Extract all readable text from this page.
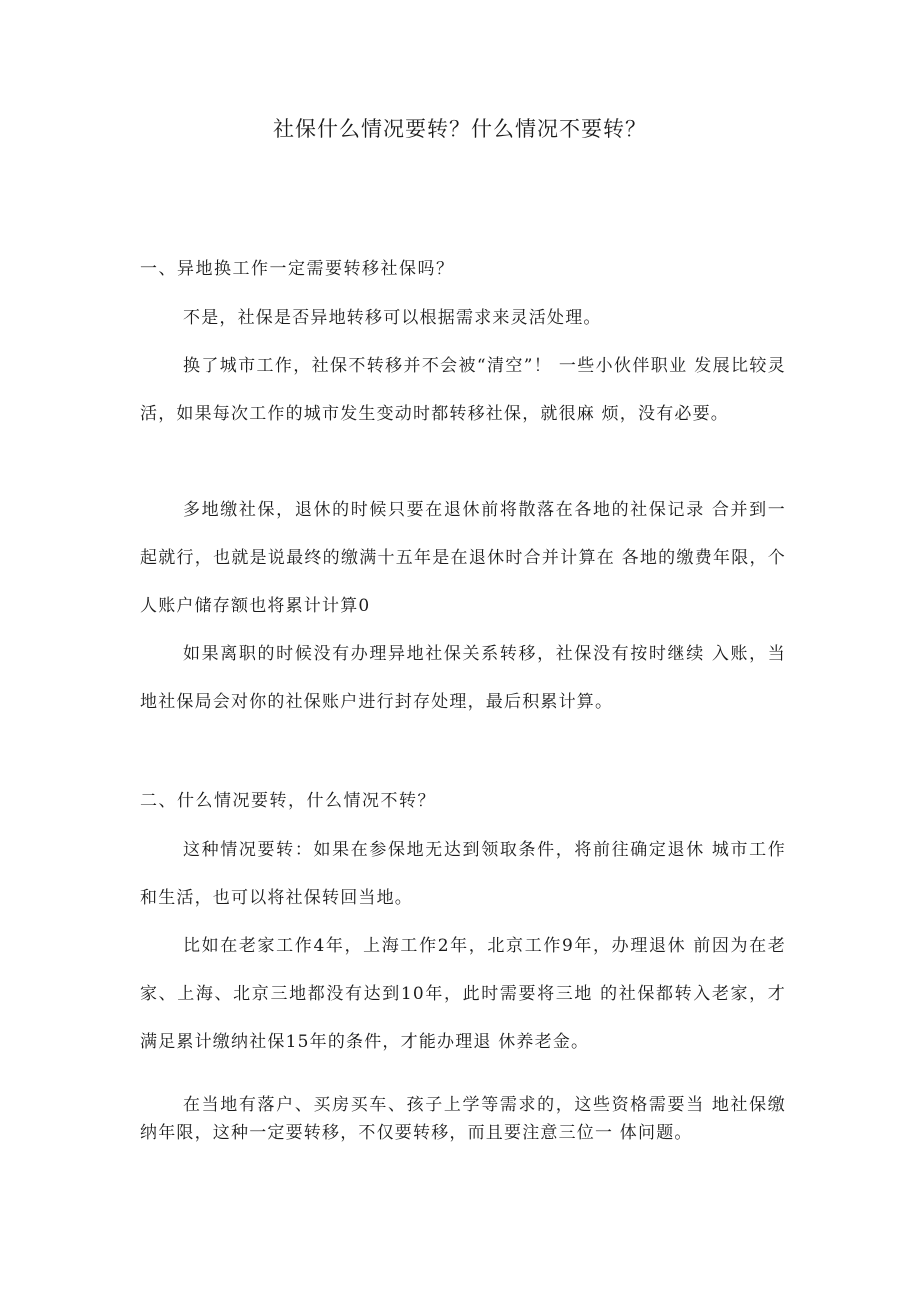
社保什么情况要转？什么情况不要转？
一、异地换工作一定需要转移社保吗？

不是，社保是否异地转移可以根据需求来灵活处理。

换了城市工作，社保不转移并不会被“清空”！ 一些小伙伴职业 发展比较灵活，如果每次工作的城市发生变动时都转移社保，就很麻 烦，没有必要。

多地缴社保，退休的时候只要在退休前将散落在各地的社保记录 合并到一起就行，也就是说最终的缴满十五年是在退休时合并计算在 各地的缴费年限，个人账户储存额也将累计计算0

如果离职的时候没有办理异地社保关系转移，社保没有按时继续 入账，当地社保局会对你的社保账户进行封存处理，最后积累计算。

二、什么情况要转，什么情况不转？

这种情况要转：如果在参保地无达到领取条件，将前往确定退休 城市工作和生活，也可以将社保转回当地。

比如在老家工作4年，上海工作2年，北京工作9年，办理退休 前因为在老家、上海、北京三地都没有达到10年，此时需要将三地 的社保都转入老家，才满足累计缴纳社保15年的条件，才能办理退 休养老金。

在当地有落户、买房买车、孩子上学等需求的，这些资格需要当 地社保缴纳年限，这种一定要转移，不仅要转移，而且要注意三位一 体问题。
